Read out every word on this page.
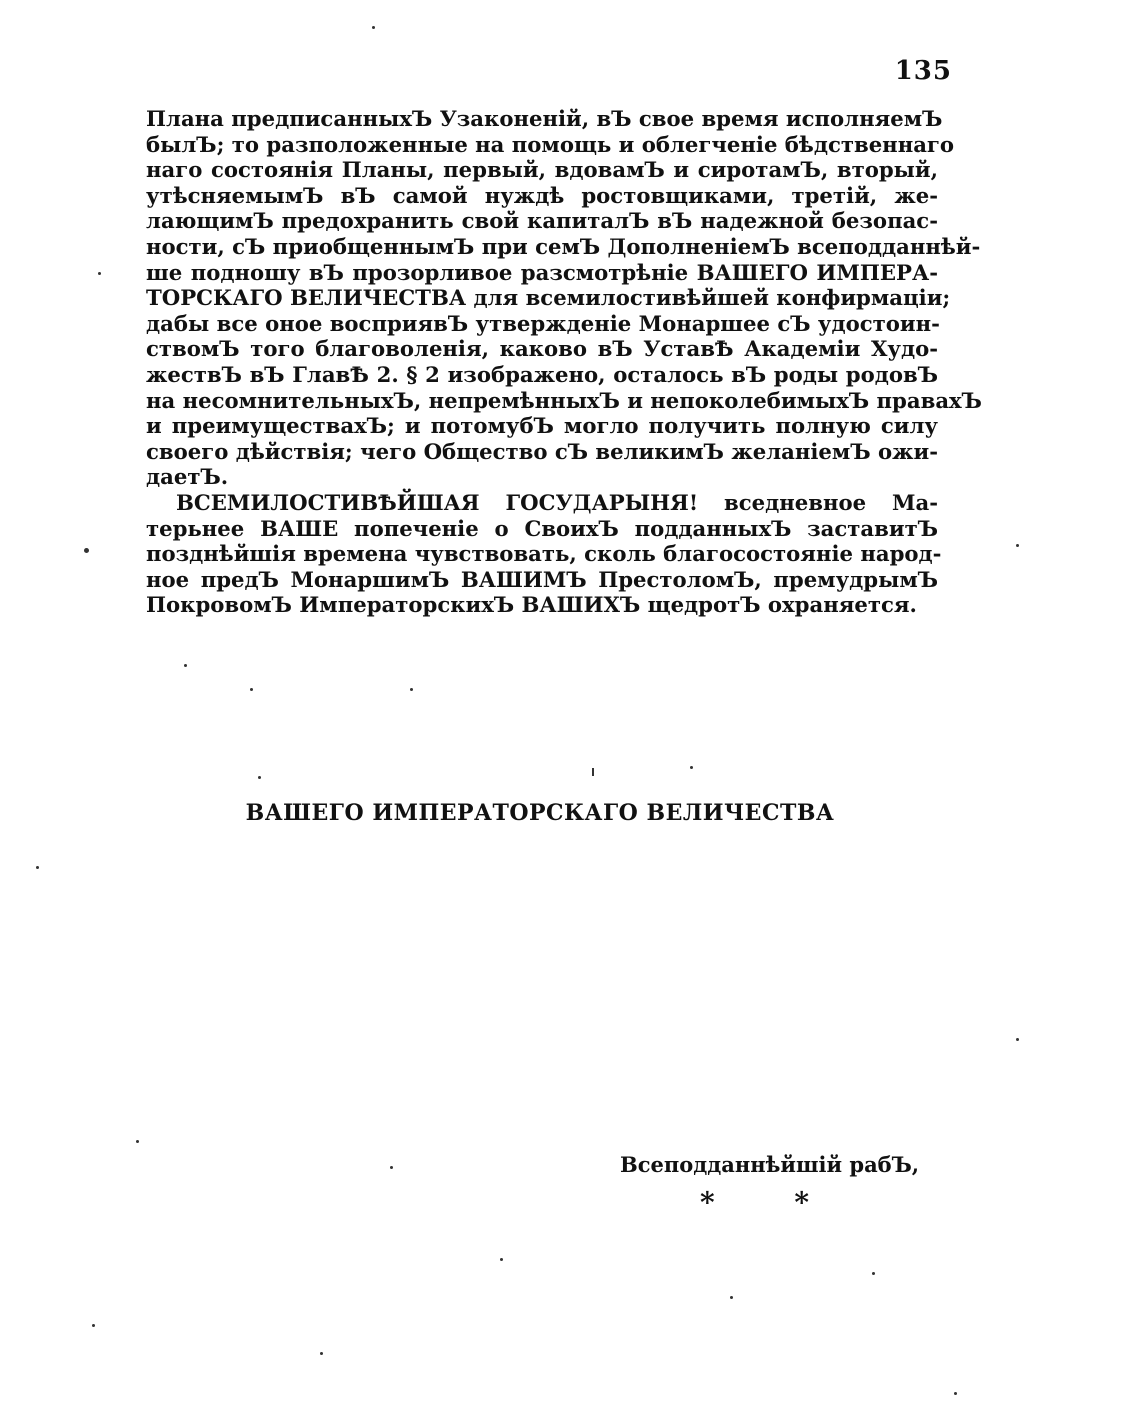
135
Плана предписанныхЪ Узаконеній, вЪ свое время исполняемЪ
былЪ; то разположенные на помощь и облегченіе бѣдственнаго
наго состоянія Планы, первый, вдовамЪ и сиротамЪ, вторый,
утѣсняемымЪ вЪ самой нуждѣ ростовщиками, третій, же-
лающимЪ предохранить свой капиталЪ вЪ надежной безопас-
ности, сЪ приобщеннымЪ при семЪ ДополненіемЪ всеподданнѣй-
ше подношу вЪ прозорливое разсмотрѣніе ВАШЕГО ИМПЕРА-
ТОРСКАГО ВЕЛИЧЕСТВА для всемилостивѣйшей конфирмаціи;
дабы все оное восприявЪ утвержденіе Монаршее сЪ удостоин-
ствомЪ того благоволенія, каково вЪ УставѢ Академіи Худо-
жествЪ вЪ ГлавѢ 2. § 2 изображено, осталось вЪ роды родовЪ
на несомнительныхЪ, непремѣнныхЪ и непоколебимыхЪ правахЪ
и преимуществахЪ; и потомубЪ могло получить полную силу
своего дѣйствія; чего Общество сЪ великимЪ желаніемЪ ожи-
даетЪ.
ВСЕМИЛОСТИВѢЙШАЯ ГОСУДАРЫНЯ! вседневное Ма-
терьнее ВАШЕ попеченіе о СвоихЪ подданныхЪ заставитЪ
позднѣйшія времена чувствовать, сколь благосостояніе народ-
ное предЪ МонаршимЪ ВАШИМЪ ПрестоломЪ, премудрымЪ
ПокровомЪ ИмператорскихЪ ВАШИХЪ щедротЪ охраняется.
ВАШЕГО ИМПЕРАТОРСКАГО ВЕЛИЧЕСТВА
Всеподданнѣйшій рабЪ,
* *
